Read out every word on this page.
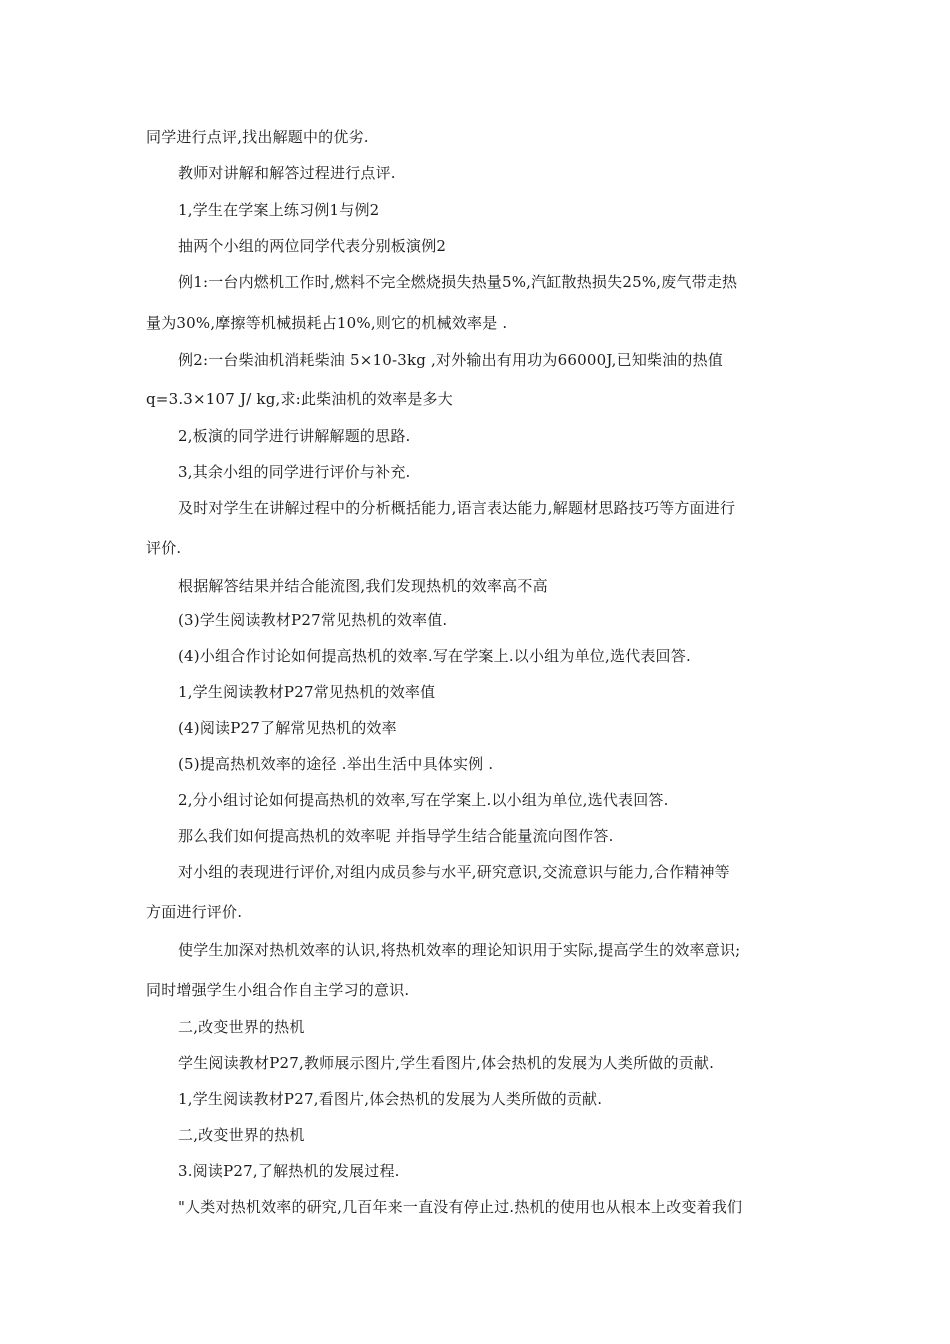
同学进行点评,找出解题中的优劣.
教师对讲解和解答过程进行点评.
1,学生在学案上练习例1与例2
抽两个小组的两位同学代表分别板演例2
例1:一台内燃机工作时,燃料不完全燃烧损失热量5%,汽缸散热损失25%,废气带走热
量为30%,摩擦等机械损耗占10%,则它的机械效率是 .
例2:一台柴油机消耗柴油 5×10-3kg ,对外输出有用功为66000J,已知柴油的热值
q=3.3×107 J/ kg,求:此柴油机的效率是多大
2,板演的同学进行讲解解题的思路.
3,其余小组的同学进行评价与补充.
及时对学生在讲解过程中的分析概括能力,语言表达能力,解题材思路技巧等方面进行
评价.
根据解答结果并结合能流图,我们发现热机的效率高不高
(3)学生阅读教材P27常见热机的效率值.
(4)小组合作讨论如何提高热机的效率.写在学案上.以小组为单位,选代表回答.
1,学生阅读教材P27常见热机的效率值
(4)阅读P27了解常见热机的效率
(5)提高热机效率的途径 .举出生活中具体实例 .
2,分小组讨论如何提高热机的效率,写在学案上.以小组为单位,选代表回答.
那么我们如何提高热机的效率呢 并指导学生结合能量流向图作答.
对小组的表现进行评价,对组内成员参与水平,研究意识,交流意识与能力,合作精神等
方面进行评价.
使学生加深对热机效率的认识,将热机效率的理论知识用于实际,提高学生的效率意识;
同时增强学生小组合作自主学习的意识.
二,改变世界的热机
学生阅读教材P27,教师展示图片,学生看图片,体会热机的发展为人类所做的贡献.
1,学生阅读教材P27,看图片,体会热机的发展为人类所做的贡献.
二,改变世界的热机
3.阅读P27,了解热机的发展过程.
"人类对热机效率的研究,几百年来一直没有停止过.热机的使用也从根本上改变着我们
